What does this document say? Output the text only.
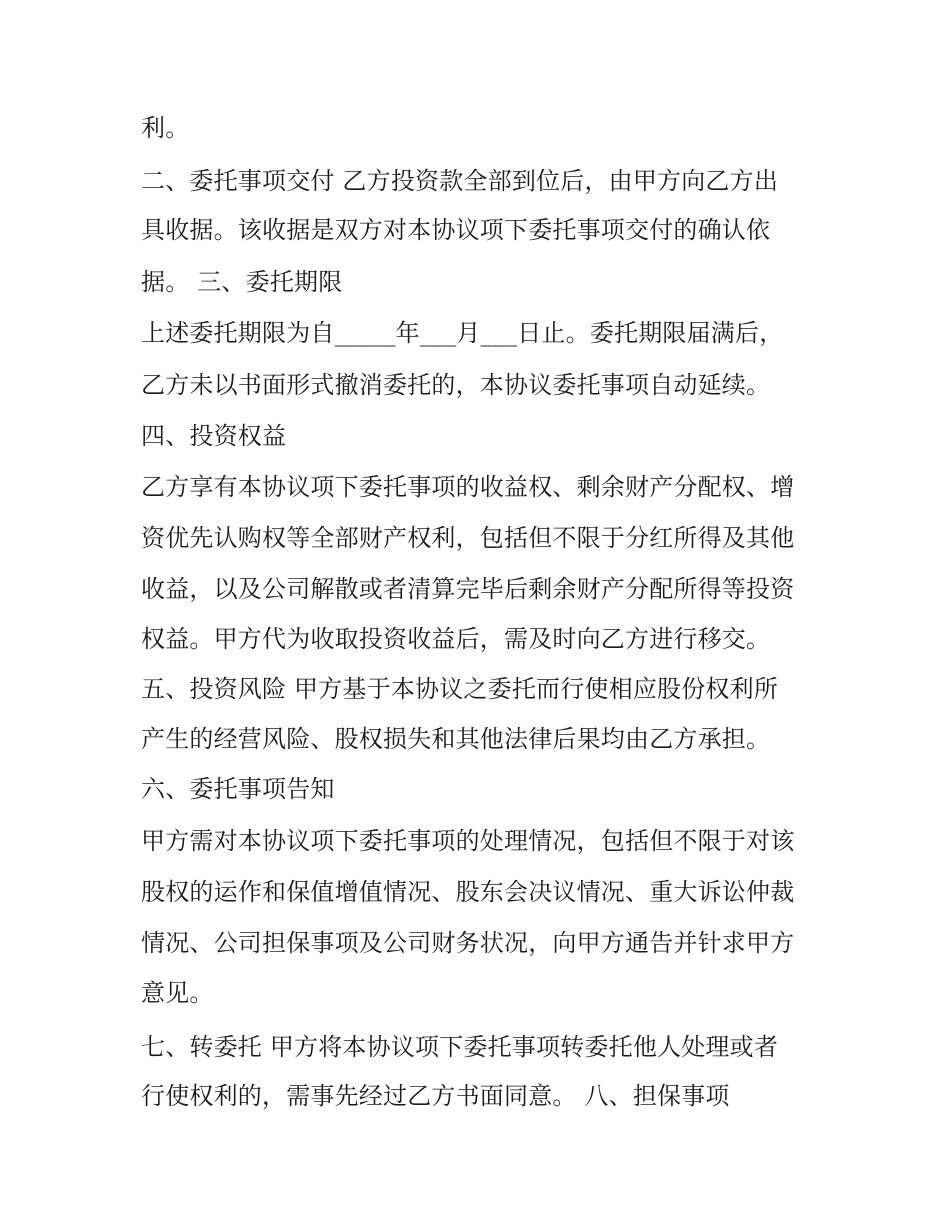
利。
二、委托事项交付 乙方投资款全部到位后，由甲方向乙方出
具收据。该收据是双方对本协议项下委托事项交付的确认依
据。 三、委托期限
上述委托期限为自_____年___月___日止。委托期限届满后，
乙方未以书面形式撤消委托的，本协议委托事项自动延续。
四、投资权益
乙方享有本协议项下委托事项的收益权、剩余财产分配权、增
资优先认购权等全部财产权利，包括但不限于分红所得及其他
收益，以及公司解散或者清算完毕后剩余财产分配所得等投资
权益。甲方代为收取投资收益后，需及时向乙方进行移交。
五、投资风险 甲方基于本协议之委托而行使相应股份权利所
产生的经营风险、股权损失和其他法律后果均由乙方承担。
六、委托事项告知
甲方需对本协议项下委托事项的处理情况，包括但不限于对该
股权的运作和保值增值情况、股东会决议情况、重大诉讼仲裁
情况、公司担保事项及公司财务状况，向甲方通告并针求甲方
意见。
七、转委托 甲方将本协议项下委托事项转委托他人处理或者
行使权利的，需事先经过乙方书面同意。 八、担保事项
